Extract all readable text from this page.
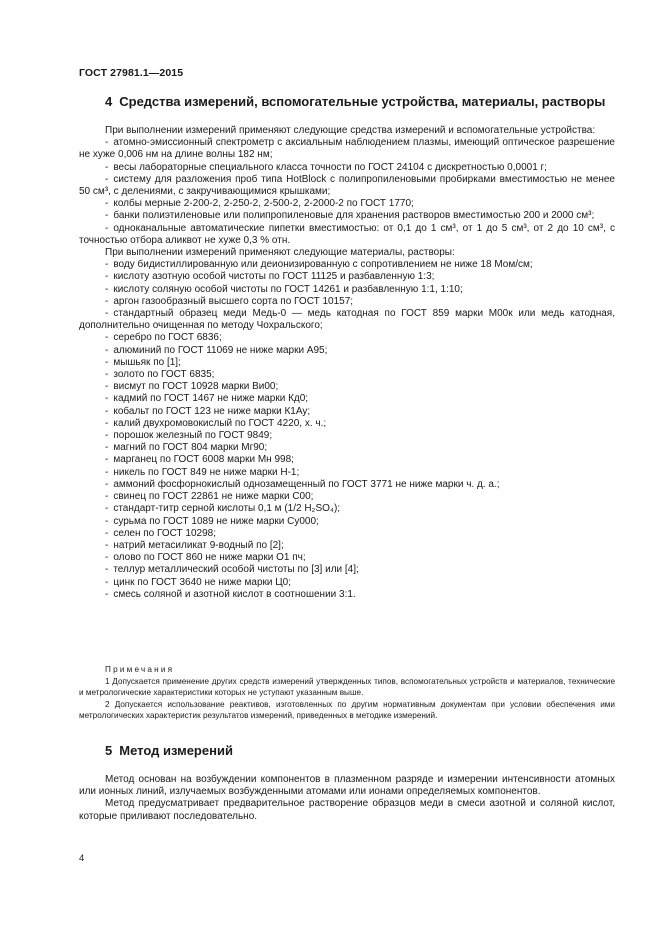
ГОСТ 27981.1—2015
4 Средства измерений, вспомогательные устройства, материалы, растворы

При выполнении измерений применяют следующие средства измерений и вспомогательные устройства:

- атомно-эмиссионный спектрометр с аксиальным наблюдением плазмы, имеющий оптическое разрешение не хуже 0,006 нм на длине волны 182 нм;

- весы лабораторные специального класса точности по ГОСТ 24104 с дискретностью 0,0001 г;

- систему для разложения проб типа HotBlock с полипропиленовыми пробирками вместимостью не менее 50 см³, с делениями, с закручивающимися крышками;

- колбы мерные 2-200-2, 2-250-2, 2-500-2, 2-2000-2 по ГОСТ 1770;

- банки полиэтиленовые или полипропиленовые для хранения растворов вместимостью 200 и 2000 см³;

- одноканальные автоматические пипетки вместимостью: от 0,1 до 1 см³, от 1 до 5 см³, от 2 до 10 см³, с точностью отбора аликвот не хуже 0,3 % отн.

При выполнении измерений применяют следующие материалы, растворы:

- воду бидистиллированную или деионизированную с сопротивлением не ниже 18 Мом/см;

- кислоту азотную особой чистоты по ГОСТ 11125 и разбавленную 1:3;

- кислоту соляную особой чистоты по ГОСТ 14261 и разбавленную 1:1, 1:10;

- аргон газообразный высшего сорта по ГОСТ 10157;

- стандартный образец меди Медь-0 — медь катодная по ГОСТ 859 марки М00к или медь катодная, дополнительно очищенная по методу Чохральского;

- серебро по ГОСТ 6836;

- алюминий по ГОСТ 11069 не ниже марки А95;

- мышьяк по [1];

- золото по ГОСТ 6835;

- висмут по ГОСТ 10928 марки Ви00;

- кадмий по ГОСТ 1467 не ниже марки Кд0;

- кобальт по ГОСТ 123 не ниже марки К1Ау;

- калий двухромовокислый по ГОСТ 4220, х. ч.;

- порошок железный по ГОСТ 9849;

- магний по ГОСТ 804 марки Мг90;

- марганец по ГОСТ 6008 марки Мн 998;

- никель по ГОСТ 849 не ниже марки Н-1;

- аммоний фосфорнокислый однозамещенный по ГОСТ 3771 не ниже марки ч. д. а.;

- свинец по ГОСТ 22861 не ниже марки С00;

- стандарт-титр серной кислоты 0,1 м (1/2 H₂SO₄);

- сурьма по ГОСТ 1089 не ниже марки Су000;

- селен по ГОСТ 10298;

- натрий метасиликат 9-водный по [2];

- олово по ГОСТ 860 не ниже марки О1 пч;

- теллур металлический особой чистоты по [3] или [4];

- цинк по ГОСТ 3640 не ниже марки Ц0;

- смесь соляной и азотной кислот в соотношении 3:1.

Примечания

1 Допускается применение других средств измерений утвержденных типов, вспомогательных устройств и материалов, технические и метрологические характеристики которых не уступают указанным выше.

2 Допускается использование реактивов, изготовленных по другим нормативным документам при условии обеспечения ими метрологических характеристик результатов измерений, приведенных в методике измерений.

5 Метод измерений

Метод основан на возбуждении компонентов в плазменном разряде и измерении интенсивности атомных или ионных линий, излучаемых возбужденными атомами или ионами определяемых компонентов.

Метод предусматривает предварительное растворение образцов меди в смеси азотной и соляной кислот, которые приливают последовательно.

4
